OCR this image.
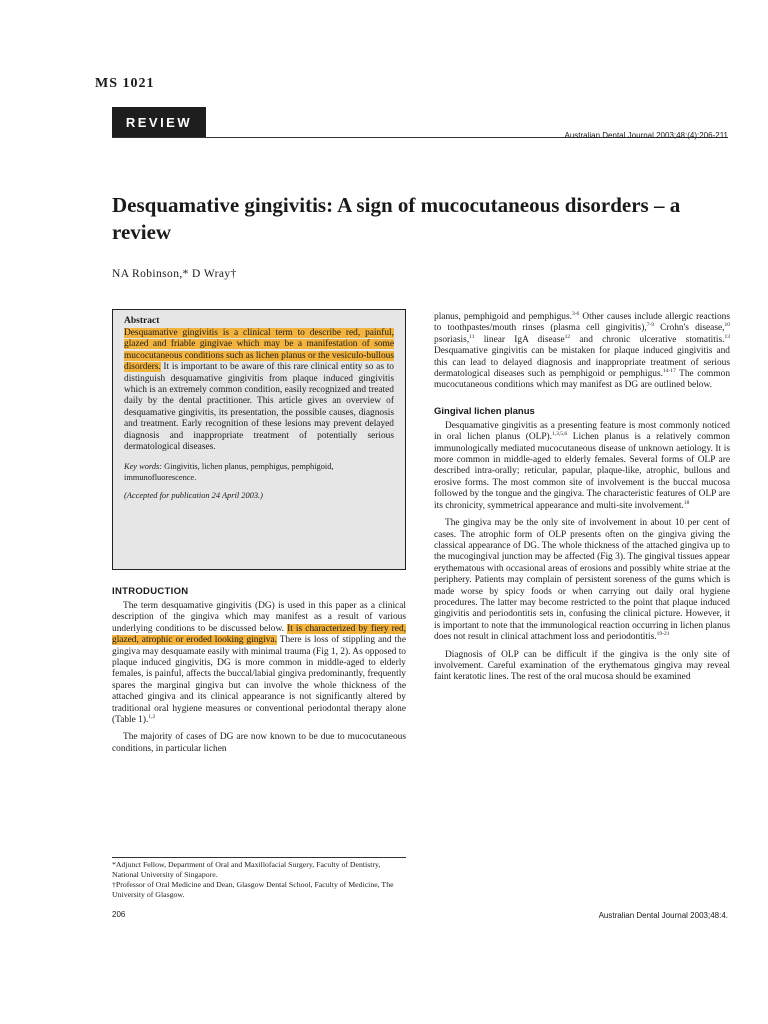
MS 1021
REVIEW
Australian Dental Journal 2003;48:(4):206-211
Desquamative gingivitis: A sign of mucocutaneous disorders – a review
NA Robinson,* D Wray†
Abstract

Desquamative gingivitis is a clinical term to describe red, painful, glazed and friable gingivae which may be a manifestation of some mucocutaneous conditions such as lichen planus or the vesiculo-bullous disorders. It is important to be aware of this rare clinical entity so as to distinguish desquamative gingivitis from plaque induced gingivitis which is an extremely common condition, easily recognized and treated daily by the dental practitioner. This article gives an overview of desquamative gingivitis, its presentation, the possible causes, diagnosis and treatment. Early recognition of these lesions may prevent delayed diagnosis and inappropriate treatment of potentially serious dermatological diseases.

Key words: Gingivitis, lichen planus, pemphigus, pemphigoid, immunofluorescence.
(Accepted for publication 24 April 2003.)
INTRODUCTION

The term desquamative gingivitis (DG) is used in this paper as a clinical description of the gingiva which may manifest as a result of various underlying conditions to be discussed below. It is characterized by fiery red, glazed, atrophic or eroded looking gingiva. There is loss of stippling and the gingiva may desquamate easily with minimal trauma (Fig 1, 2). As opposed to plaque induced gingivitis, DG is more common in middle-aged to elderly females, is painful, affects the buccal/labial gingiva predominantly, frequently spares the marginal gingiva but can involve the whole thickness of the attached gingiva and its clinical appearance is not significantly altered by traditional oral hygiene measures or conventional periodontal therapy alone (Table 1).$^{1,2}$

The majority of cases of DG are now known to be due to mucocutaneous conditions, in particular lichen

*Adjunct Fellow, Department of Oral and Maxillofacial Surgery, Faculty of Dentistry, National University of Singapore.
†Professor of Oral Medicine and Dean, Glasgow Dental School, Faculty of Medicine, The University of Glasgow.

planus, pemphigoid and pemphigus.$^{3-6}$ Other causes include allergic reactions to toothpastes/mouth rinses (plasma cell gingivitis),$^{7-9}$ Crohn's disease,$^{10}$ psoriasis,$^{11}$ linear IgA disease$^{12}$ and chronic ulcerative stomatitis.$^{13}$ Desquamative gingivitis can be mistaken for plaque induced gingivitis and this can lead to delayed diagnosis and inappropriate treatment of serious dermatological diseases such as pemphigoid or pemphigus.$^{14-17}$ The common mucocutaneous conditions which may manifest as DG are outlined below.

Gingival lichen planus

Desquamative gingivitis as a presenting feature is most commonly noticed in oral lichen planus (OLP).$^{1,3,5,6}$ Lichen planus is a relatively common immunologically mediated mucocutaneous disease of unknown aetiology. It is more common in middle-aged to elderly females. Several forms of OLP are described intra-orally; reticular, papular, plaque-like, atrophic, bullous and erosive forms. The most common site of involvement is the buccal mucosa followed by the tongue and the gingiva. The characteristic features of OLP are its chronicity, symmetrical appearance and multi-site involvement.$^{18}$

The gingiva may be the only site of involvement in about 10 per cent of cases. The atrophic form of OLP presents often on the gingiva giving the classical appearance of DG. The whole thickness of the attached gingiva up to the mucogingival junction may be affected (Fig 3). The gingival tissues appear erythematous with occasional areas of erosions and possibly white striae at the periphery. Patients may complain of persistent soreness of the gums which is made worse by spicy foods or when carrying out daily oral hygiene procedures. The latter may become restricted to the point that plaque induced gingivitis and periodontitis sets in, confusing the clinical picture. However, it is important to note that the immunological reaction occurring in lichen planus does not result in clinical attachment loss and periodontitis.$^{19-21}$

Diagnosis of OLP can be difficult if the gingiva is the only site of involvement. Careful examination of the erythematous gingiva may reveal faint keratotic lines. The rest of the oral mucosa should be examined

206	Australian Dental Journal 2003;48:4.
